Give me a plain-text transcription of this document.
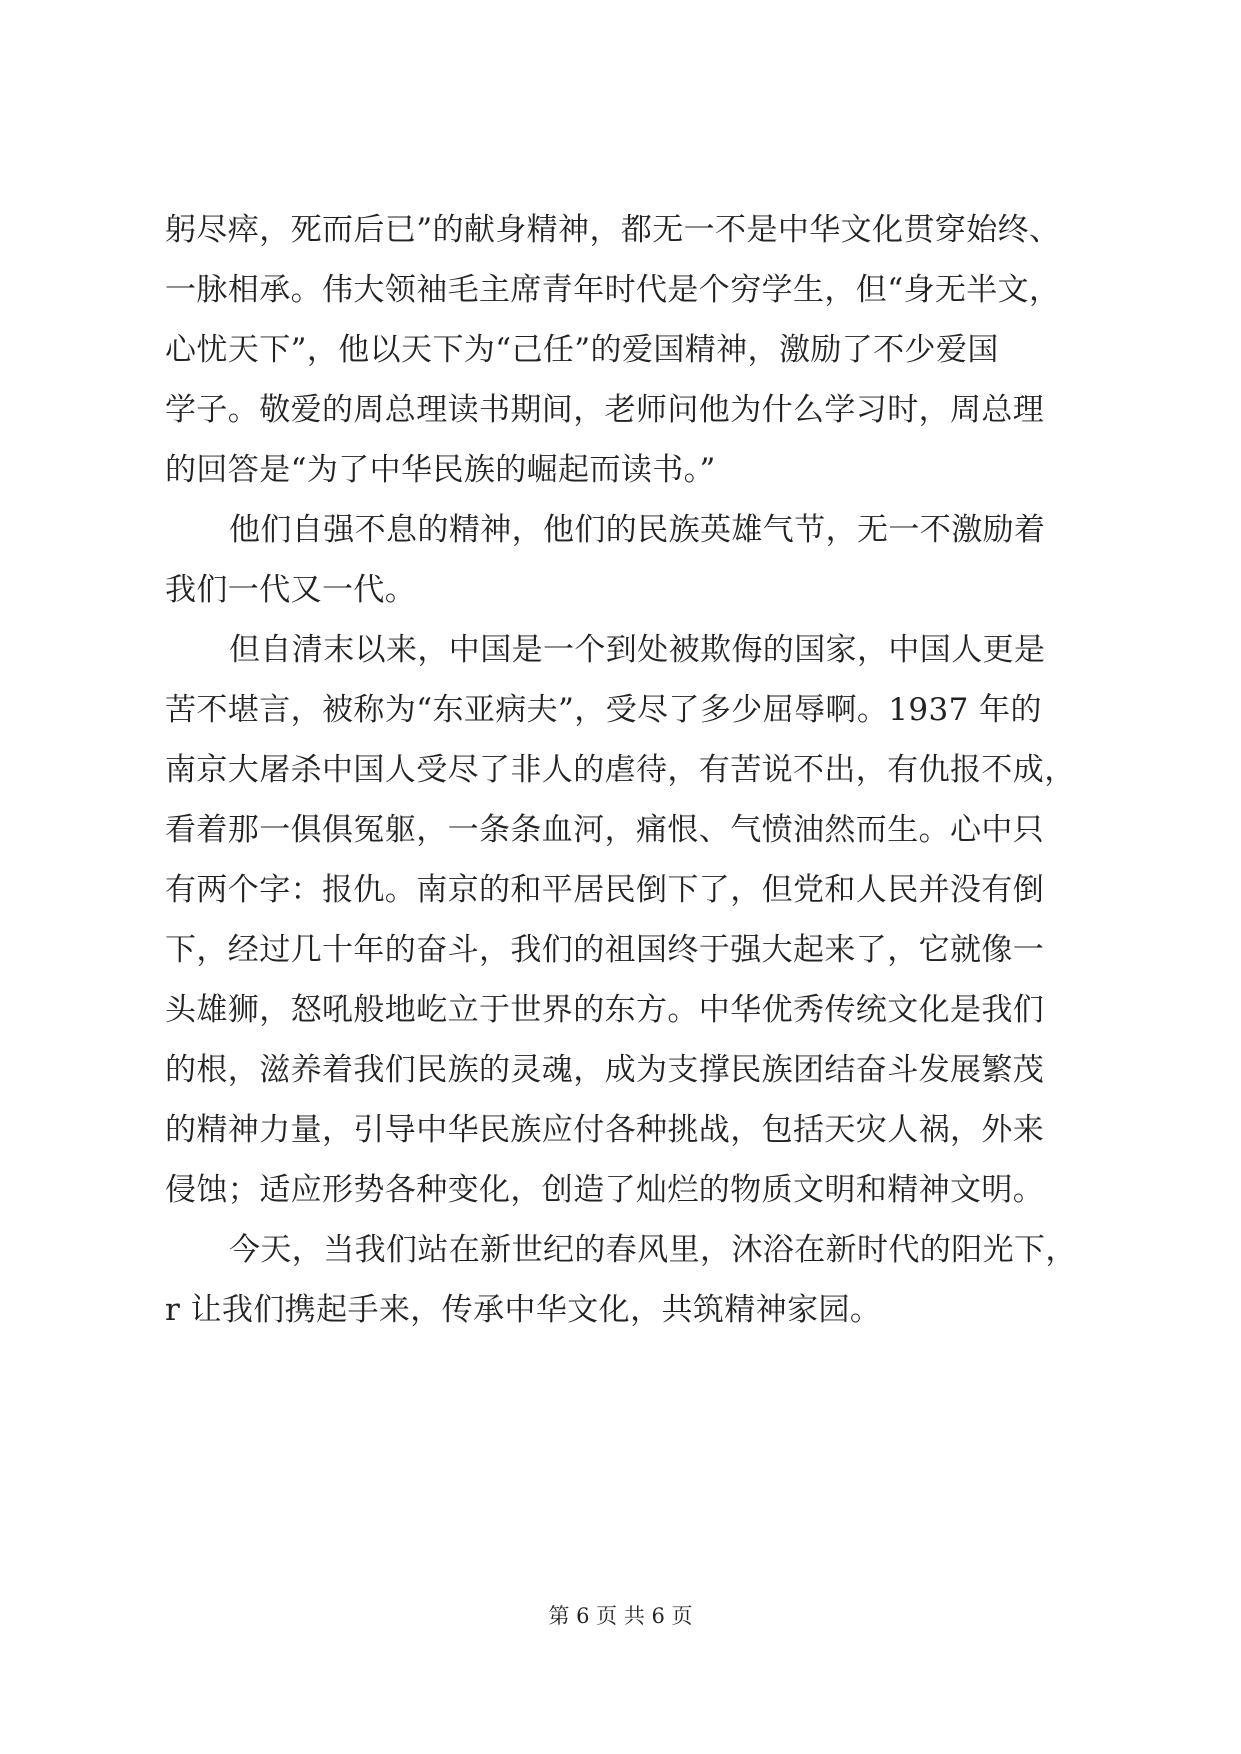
躬尽瘁，死而后已”的献身精神，都无一不是中华文化贯穿始终、
一脉相承。伟大领袖毛主席青年时代是个穷学生，但“身无半文，
心忧天下”，他以天下为“己任”的爱国精神，激励了不少爱国
学子。敬爱的周总理读书期间，老师问他为什么学习时，周总理
的回答是“为了中华民族的崛起而读书。”
他们自强不息的精神，他们的民族英雄气节，无一不激励着
我们一代又一代。
但自清末以来，中国是一个到处被欺侮的国家，中国人更是
苦不堪言，被称为“东亚病夫”，受尽了多少屈辱啊。1937 年的
南京大屠杀中国人受尽了非人的虐待，有苦说不出，有仇报不成，
看着那一俱俱冤躯，一条条血河，痛恨、气愤油然而生。心中只
有两个字：报仇。南京的和平居民倒下了，但党和人民并没有倒
下，经过几十年的奋斗，我们的祖国终于强大起来了，它就像一
头雄狮，怒吼般地屹立于世界的东方。中华优秀传统文化是我们
的根，滋养着我们民族的灵魂，成为支撑民族团结奋斗发展繁茂
的精神力量，引导中华民族应付各种挑战，包括天灾人祸，外来
侵蚀；适应形势各种变化，创造了灿烂的物质文明和精神文明。
今天，当我们站在新世纪的春风里，沐浴在新时代的阳光下，
r 让我们携起手来，传承中华文化，共筑精神家园。
第 6 页 共 6 页
